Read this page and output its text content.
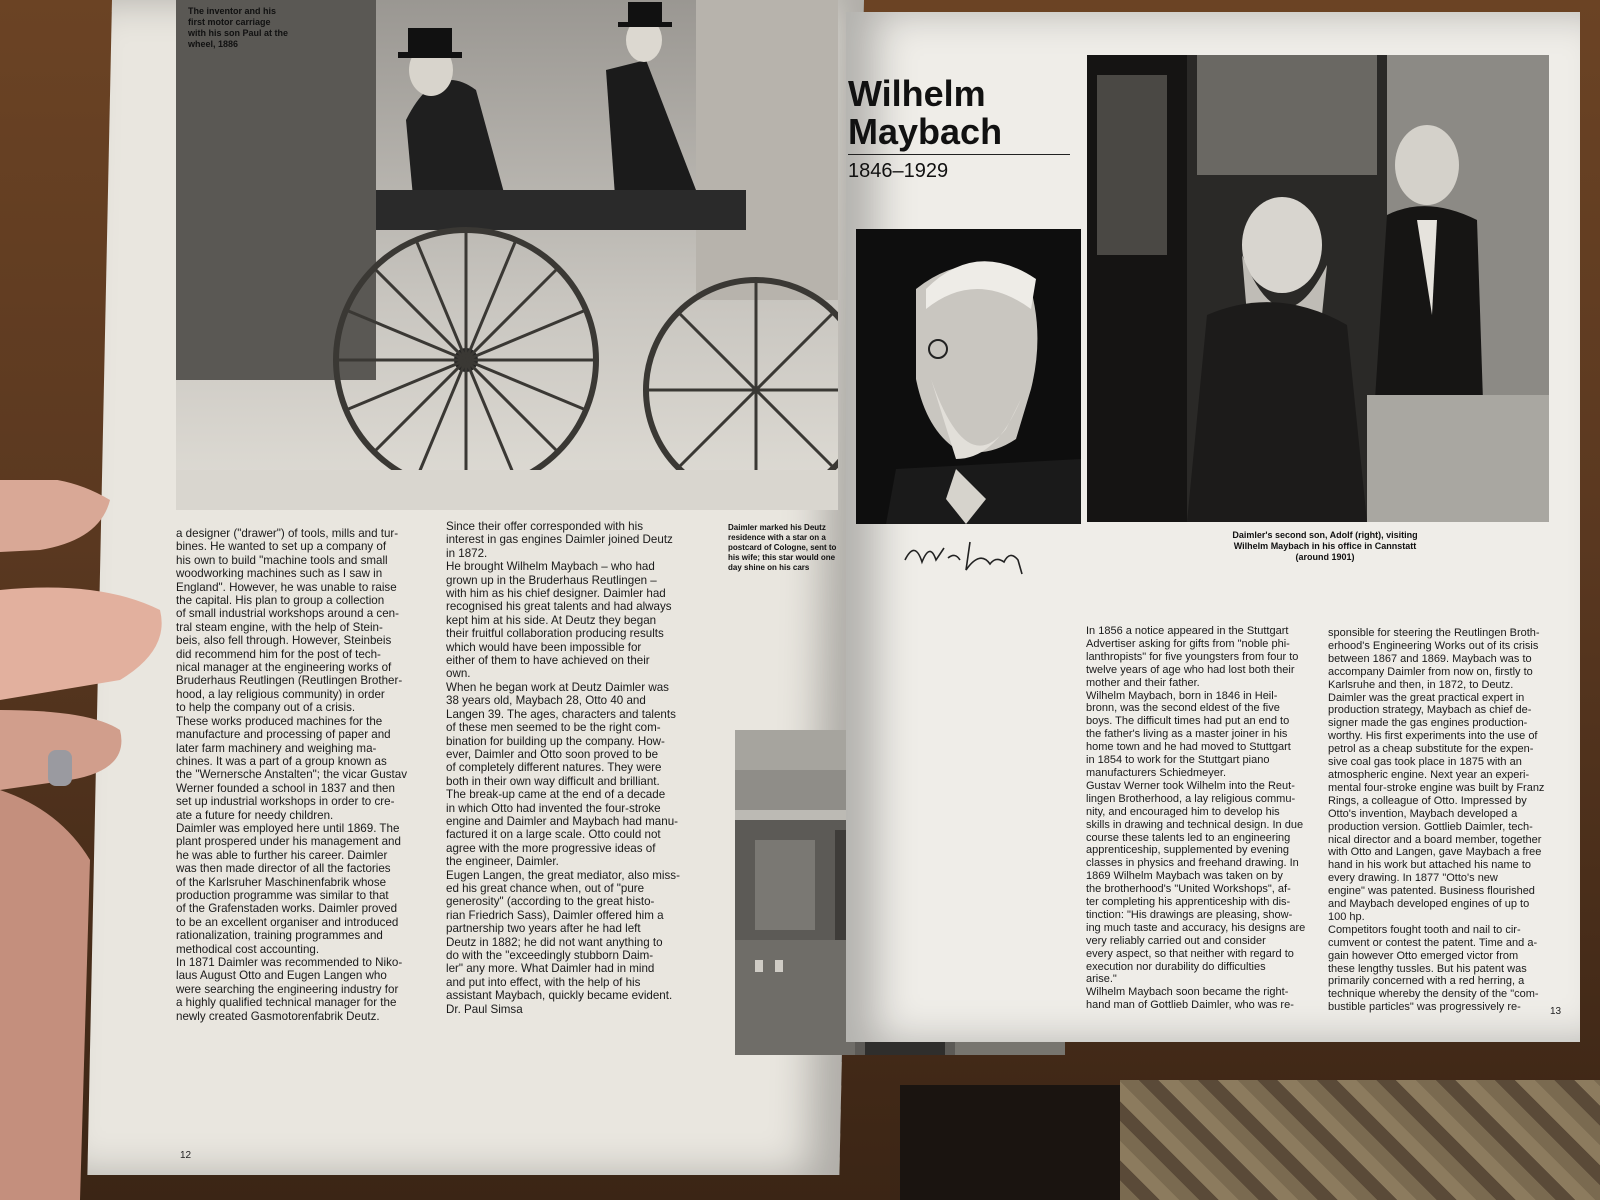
The inventor and his first motor carriage with his son Paul at the wheel, 1886
a designer ("drawer") of tools, mills and tur-
bines. He wanted to set up a company of
his own to build "machine tools and small
woodworking machines such as I saw in
England". However, he was unable to raise
the capital. His plan to group a collection
of small industrial workshops around a cen-
tral steam engine, with the help of Stein-
beis, also fell through. However, Steinbeis
did recommend him for the post of tech-
nical manager at the engineering works of
Bruderhaus Reutlingen (Reutlingen Brother-
hood, a lay religious community) in order
to help the company out of a crisis.
These works produced machines for the
manufacture and processing of paper and
later farm machinery and weighing ma-
chines. It was a part of a group known as
the "Wernersche Anstalten"; the vicar Gustav
Werner founded a school in 1837 and then
set up industrial workshops in order to cre-
ate a future for needy children.
Daimler was employed here until 1869. The
plant prospered under his management and
he was able to further his career. Daimler
was then made director of all the factories
of the Karlsruher Maschinenfabrik whose
production programme was similar to that
of the Grafenstaden works. Daimler proved
to be an excellent organiser and introduced
rationalization, training programmes and
methodical cost accounting.
In 1871 Daimler was recommended to Niko-
laus August Otto and Eugen Langen who
were searching the engineering industry for
a highly qualified technical manager for the
newly created Gasmotorenfabrik Deutz.
Since their offer corresponded with his
interest in gas engines Daimler joined Deutz
in 1872.
He brought Wilhelm Maybach – who had
grown up in the Bruderhaus Reutlingen –
with him as his chief designer. Daimler had
recognised his great talents and had always
kept him at his side. At Deutz they began
their fruitful collaboration producing results
which would have been impossible for
either of them to have achieved on their
own.
When he began work at Deutz Daimler was
38 years old, Maybach 28, Otto 40 and
Langen 39. The ages, characters and talents
of these men seemed to be the right com-
bination for building up the company. How-
ever, Daimler and Otto soon proved to be
of completely different natures. They were
both in their own way difficult and brilliant.
The break-up came at the end of a decade
in which Otto had invented the four-stroke
engine and Daimler and Maybach had manu-
factured it on a large scale. Otto could not
agree with the more progressive ideas of
the engineer, Daimler.
Eugen Langen, the great mediator, also miss-
ed his great chance when, out of "pure
generosity" (according to the great histo-
rian Friedrich Sass), Daimler offered him a
partnership two years after he had left
Deutz in 1882; he did not want anything to
do with the "exceedingly stubborn Daim-
ler" any more. What Daimler had in mind
and put into effect, with the help of his
assistant Maybach, quickly became evident.
Dr. Paul Simsa
Daimler marked his Deutz residence with a star on a postcard of Cologne, sent to his wife; this star would one day shine on his cars
Wilhelm Maybach
1846–1929
Daimler's second son, Adolf (right), visiting Wilhelm Maybach in his office in Cannstatt (around 1901)
In 1856 a notice appeared in the Stuttgart
Advertiser asking for gifts from "noble phi-
lanthropists" for five youngsters from four to
twelve years of age who had lost both their
mother and their father.
Wilhelm Maybach, born in 1846 in Heil-
bronn, was the second eldest of the five
boys. The difficult times had put an end to
the father's living as a master joiner in his
home town and he had moved to Stuttgart
in 1854 to work for the Stuttgart piano
manufacturers Schiedmeyer.
Gustav Werner took Wilhelm into the Reut-
lingen Brotherhood, a lay religious commu-
nity, and encouraged him to develop his
skills in drawing and technical design. In due
course these talents led to an engineering
apprenticeship, supplemented by evening
classes in physics and freehand drawing. In
1869 Wilhelm Maybach was taken on by
the brotherhood's "United Workshops", af-
ter completing his apprenticeship with dis-
tinction: "His drawings are pleasing, show-
ing much taste and accuracy, his designs are
very reliably carried out and consider
every aspect, so that neither with regard to
execution nor durability do difficulties
arise."
Wilhelm Maybach soon became the right-
hand man of Gottlieb Daimler, who was re-
sponsible for steering the Reutlingen Broth-
erhood's Engineering Works out of its crisis
between 1867 and 1869. Maybach was to
accompany Daimler from now on, firstly to
Karlsruhe and then, in 1872, to Deutz.
Daimler was the great practical expert in
production strategy, Maybach as chief de-
signer made the gas engines production-
worthy. His first experiments into the use of
petrol as a cheap substitute for the expen-
sive coal gas took place in 1875 with an
atmospheric engine. Next year an experi-
mental four-stroke engine was built by Franz
Rings, a colleague of Otto. Impressed by
Otto's invention, Maybach developed a
production version. Gottlieb Daimler, tech-
nical director and a board member, together
with Otto and Langen, gave Maybach a free
hand in his work but attached his name to
every drawing. In 1877 "Otto's new
engine" was patented. Business flourished
and Maybach developed engines of up to
100 hp.
Competitors fought tooth and nail to cir-
cumvent or contest the patent. Time and a-
gain however Otto emerged victor from
these lengthy tussles. But his patent was
primarily concerned with a red herring, a
technique whereby the density of the "com-
bustible particles" was progressively re-
12
13
